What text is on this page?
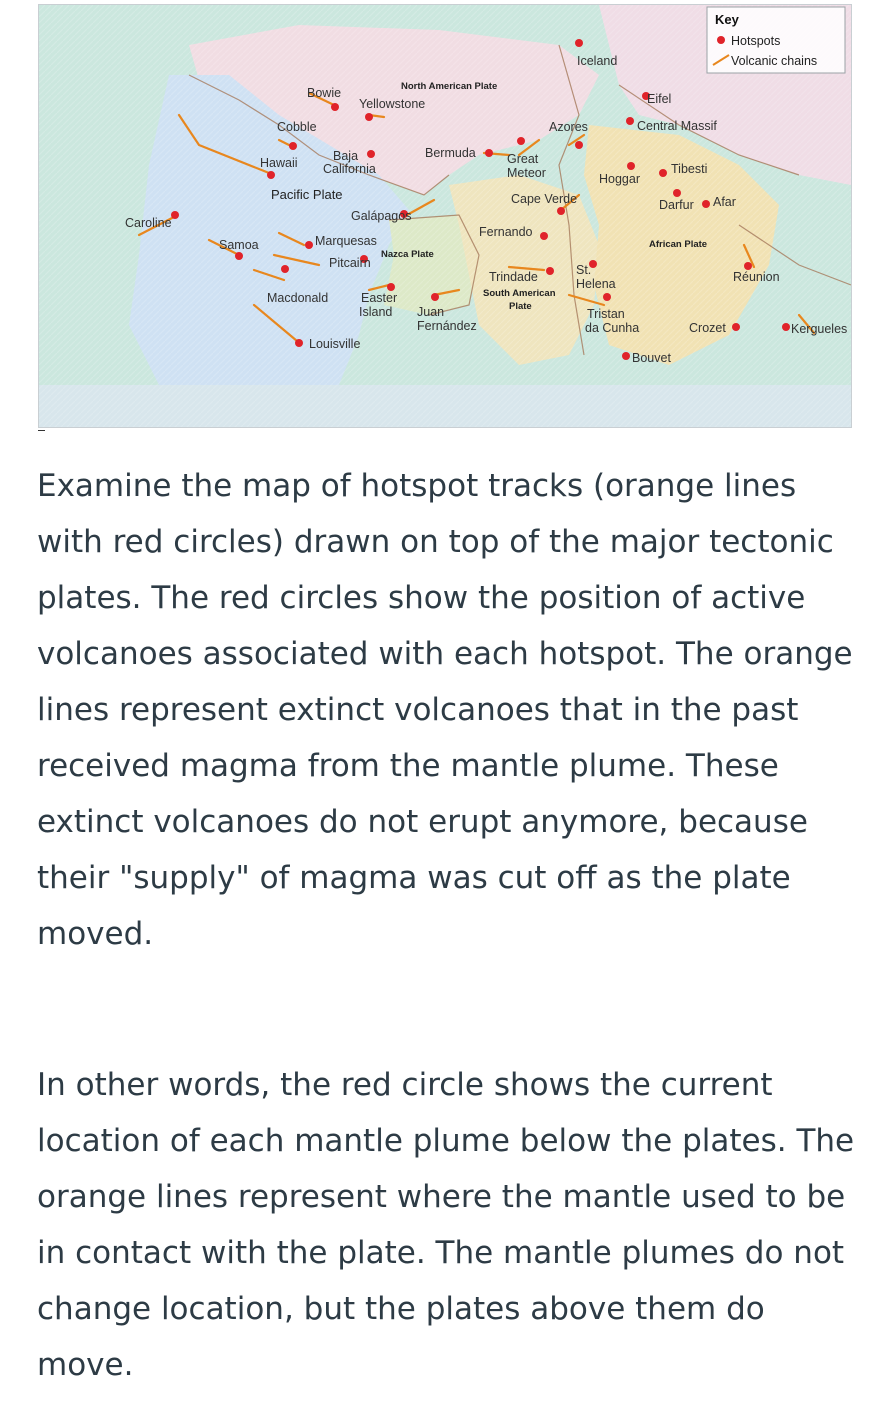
North American Plate
Pacific Plate
Nazca Plate
South American
Plate
African Plate
Bowie
Yellowstone
Cobble
Baja
California
Hawaii
Galápagos
Caroline
Samoa	Marquesas
Pitcairn
Macdonald	Easter
Island Juan
Fernández
Louisville
Bermuda	Great
Meteor
Azores
Iceland
Eifel
Central Massif
Cape Verde
Hoggar
Tibesti
Darfur Afar
Fernando
Trindade	St.
Helena
Tristan
da Cunha
Bouvet
Crozet
Réunion
Kergueles
Key
Hotspots
Volcanic chains

Examine the map of hotspot tracks (orange lines with red circles) drawn on top of the major tectonic plates. The red circles show the position of active volcanoes associated with each hotspot. The orange lines represent extinct volcanoes that in the past received magma from the mantle plume. These extinct volcanoes do not erupt anymore, because their "supply" of magma was cut off as the plate moved.

In other words, the red circle shows the current location of each mantle plume below the plates. The orange lines represent where the mantle used to be in contact with the plate. The mantle plumes do not change location, but the plates above them do move.
